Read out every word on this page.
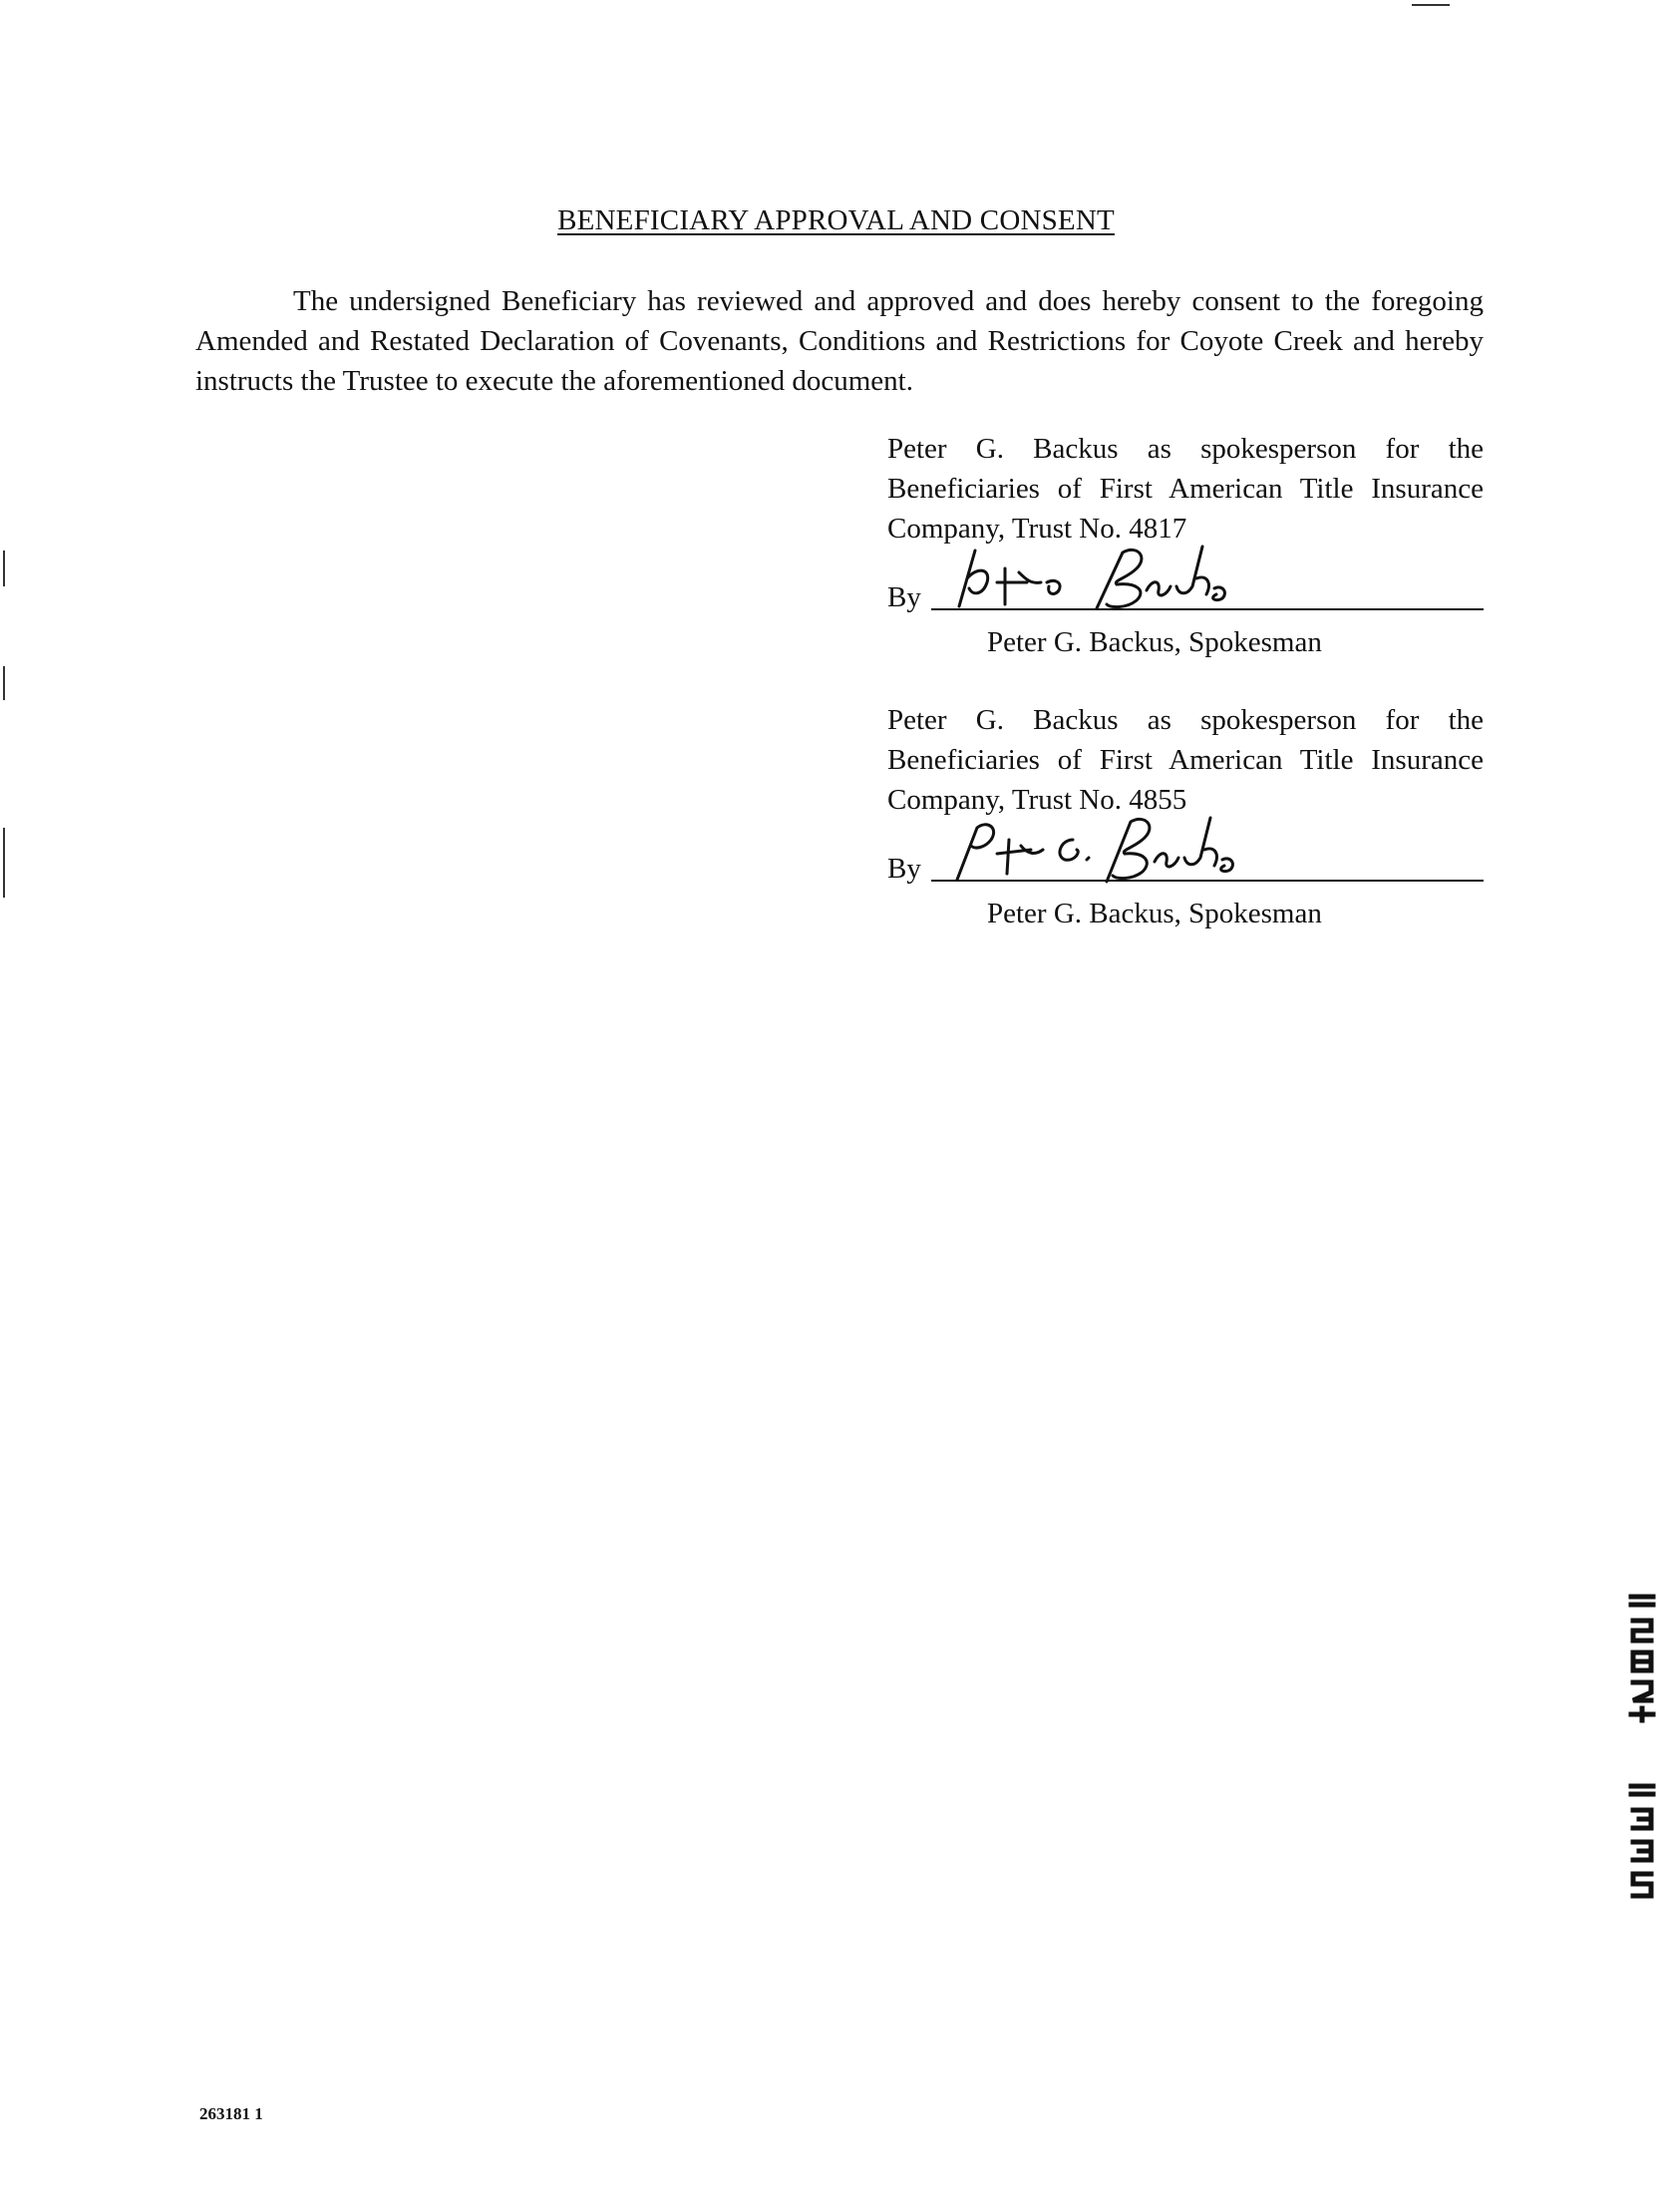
BENEFICIARY APPROVAL AND CONSENT
The undersigned Beneficiary has reviewed and approved and does hereby consent to the foregoing Amended and Restated Declaration of Covenants, Conditions and Restrictions for Coyote Creek and hereby instructs the Trustee to execute the aforementioned document.
Peter G. Backus as spokesperson for the Beneficiaries of First American Title Insurance Company, Trust No. 4817
By
Peter G. Backus, Spokesman
Peter G. Backus as spokesperson for the Beneficiaries of First American Title Insurance Company, Trust No. 4855
By
Peter G. Backus, Spokesman
263181 1
